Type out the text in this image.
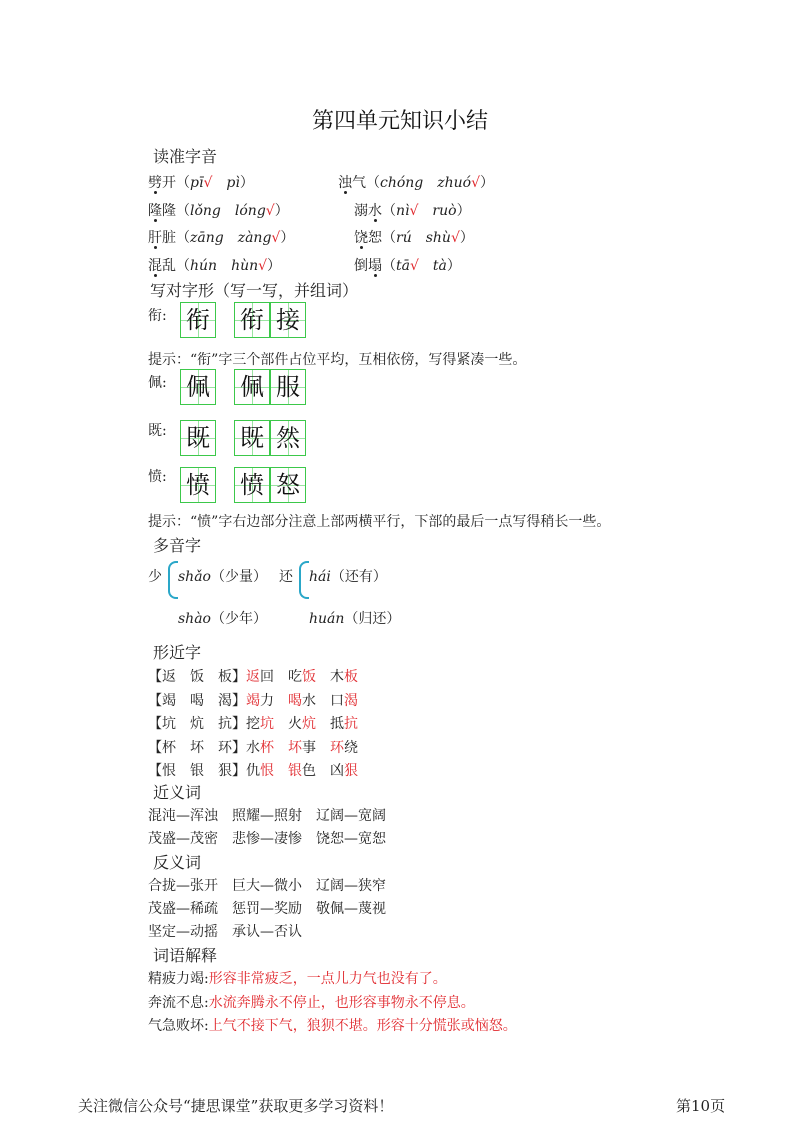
第四单元知识小结
读准字音
劈开（pī√　 pì）	浊气（chóng　 zhuó√）
隆隆（lǒng　 lóng√）	溺水（nì√　 ruò）
肝脏（zāng　 zàng√）	饶恕（rú　 shù√）
混乱（hún　 hùn√）	倒塌（tā√　 tà）
写对字形（写一写，并组词）
衔: 衔 衔 接
佩: 佩 佩 服
既: 既 既 然
愤: 愤 愤 怒
提示：“衔”字三个部件占位平均，互相依傍，写得紧凑一些。
提示：“愤”字右边部分注意上部两横平行，下部的最后一点写得稍长一些。
多音字
少 shǎo（少量）
shào（少年）
还 hái（还有）
huán（归还）
形近字
【返　饭　板】返回 吃饭 木板
【竭　喝　渴】竭力 喝水 口渴
【坑　炕　抗】挖坑 火炕 抵抗
【杯　坏　环】水杯 坏事 环绕
【恨　银　狠】仇恨 银色 凶狠
近义词
混沌—浑浊　照耀—照射　辽阔—宽阔
茂盛—茂密　悲惨—凄惨　饶恕—宽恕
反义词
合拢—张开　巨大—微小　辽阔—狭窄
茂盛—稀疏　惩罚—奖励　敬佩—蔑视
坚定—动摇　承认—否认
词语解释
精疲力竭:形容非常疲乏，一点儿力气也没有了。
奔流不息:水流奔腾永不停止，也形容事物永不停息。
气急败坏:上气不接下气，狼狈不堪。形容十分慌张或恼怒。
关注微信公众号“捷思课堂”获取更多学习资料！	第10页
